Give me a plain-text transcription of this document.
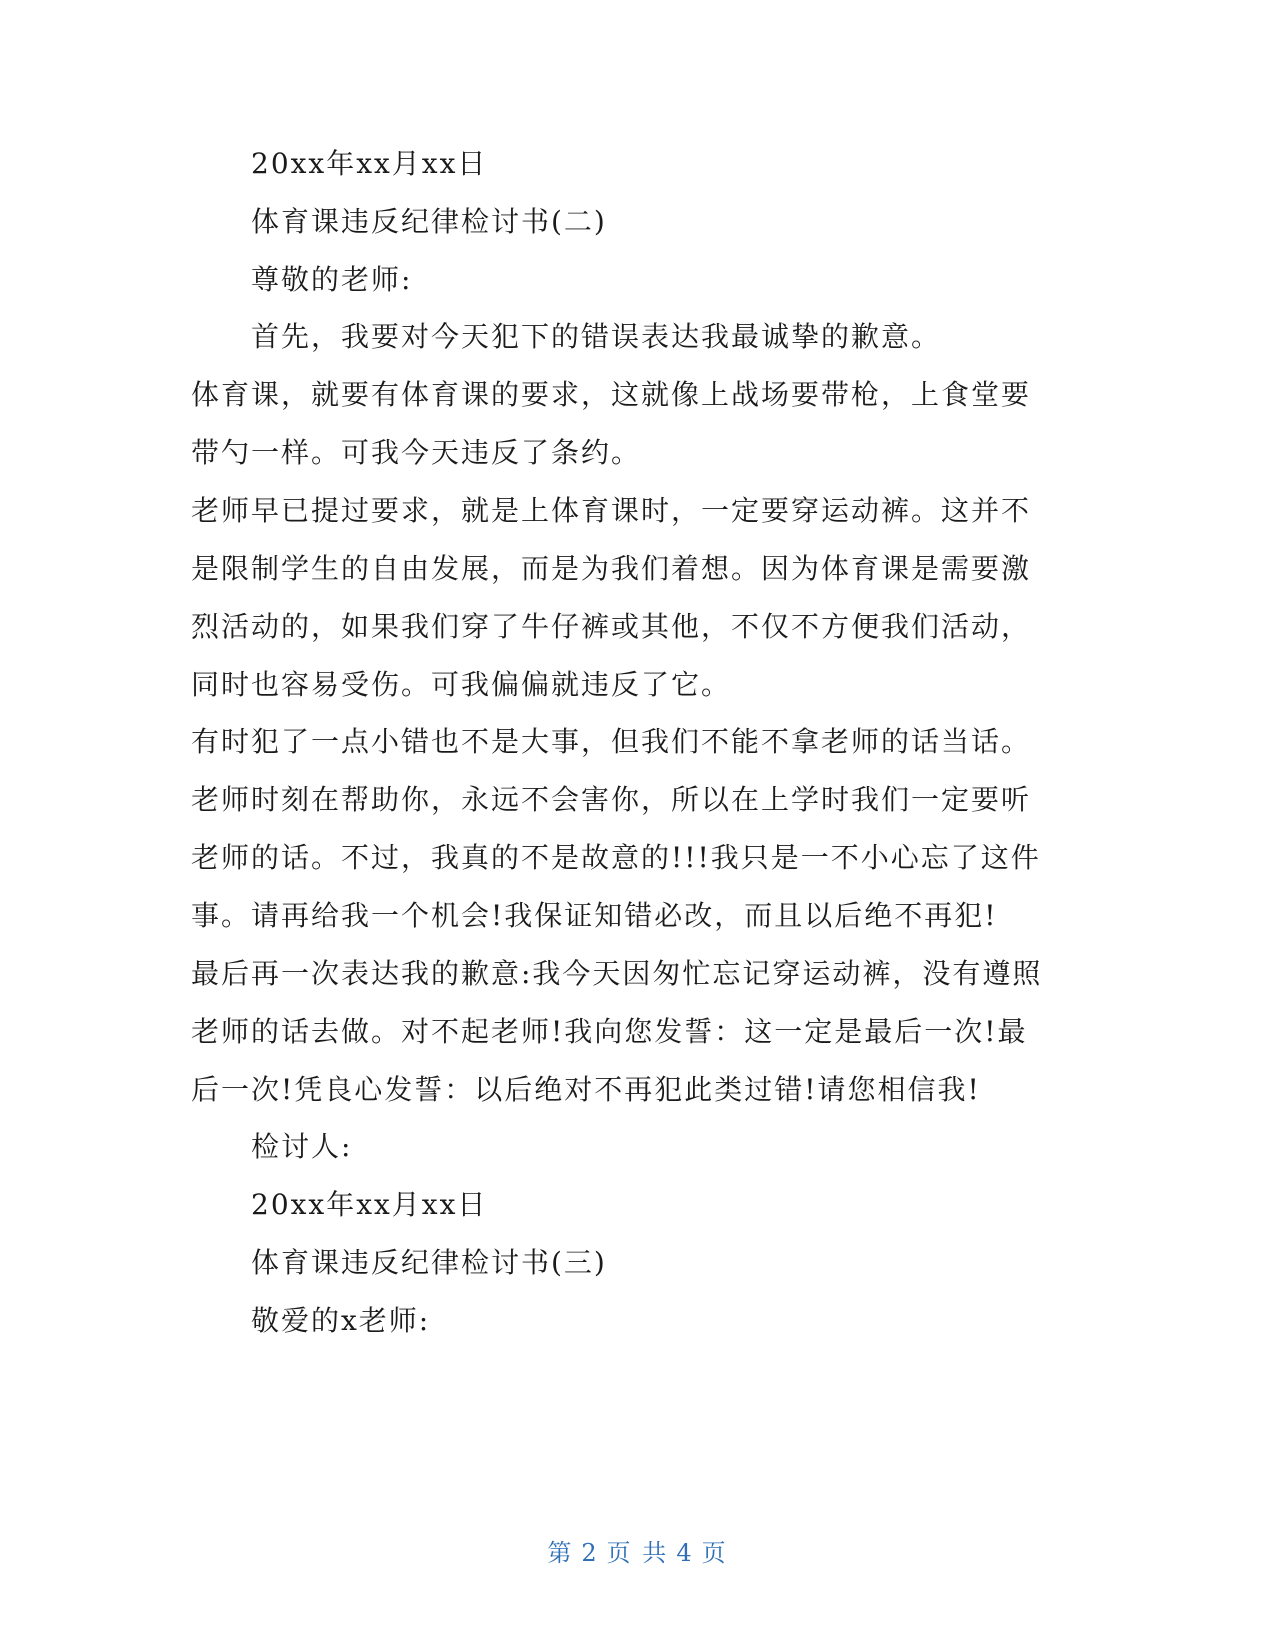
20xx年xx月xx日
体育课违反纪律检讨书(二)
尊敬的老师:
首先，我要对今天犯下的错误表达我最诚挚的歉意。
体育课，就要有体育课的要求，这就像上战场要带枪，上食堂要
带勺一样。可我今天违反了条约。
老师早已提过要求，就是上体育课时，一定要穿运动裤。这并不
是限制学生的自由发展，而是为我们着想。因为体育课是需要激
烈活动的，如果我们穿了牛仔裤或其他，不仅不方便我们活动，
同时也容易受伤。可我偏偏就违反了它。
有时犯了一点小错也不是大事，但我们不能不拿老师的话当话。
老师时刻在帮助你，永远不会害你，所以在上学时我们一定要听
老师的话。不过，我真的不是故意的!!!我只是一不小心忘了这件
事。请再给我一个机会!我保证知错必改，而且以后绝不再犯!
最后再一次表达我的歉意:我今天因匆忙忘记穿运动裤，没有遵照
老师的话去做。对不起老师!我向您发誓：这一定是最后一次!最
后一次!凭良心发誓：以后绝对不再犯此类过错!请您相信我!
检讨人:
20xx年xx月xx日
体育课违反纪律检讨书(三)
敬爱的x老师:
第 2 页 共 4 页
